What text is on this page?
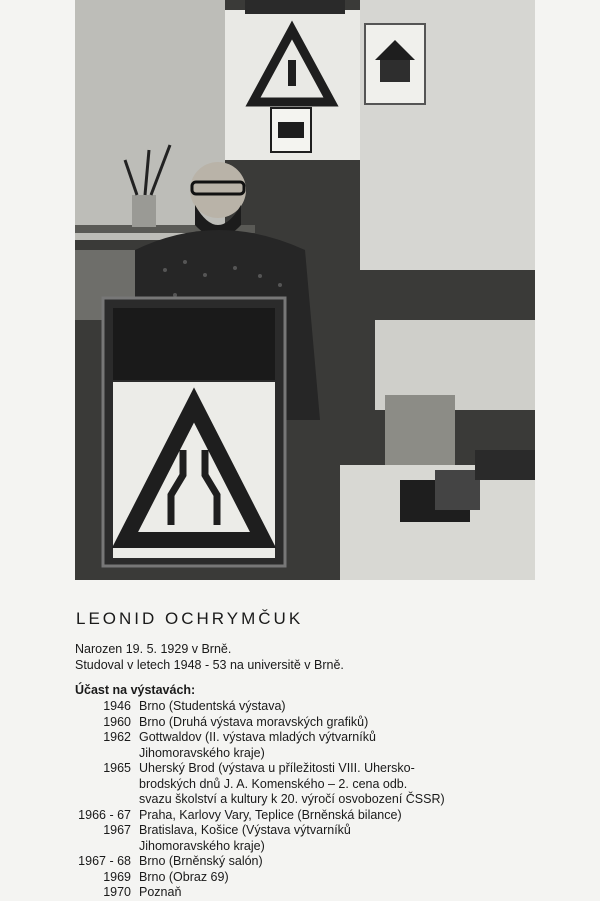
LEONID OCHRYMČUK
Narozen 19. 5. 1929 v Brně.
Studoval v letech 1948 - 53 na universitě v Brně.
Účast na výstavách:
1946 Brno (Studentská výstava)
1960 Brno (Druhá výstava moravských grafiků)
1962 Gottwaldov (II. výstava mladých výtvarníků
Jihomoravského kraje)
1965 Uherský Brod (výstava u příležitosti VIII. Uhersko-
brodských dnů J. A. Komenského – 2. cena odb.
svazu školství a kultury k 20. výročí osvobození ČSSR)
1966 - 67 Praha, Karlovy Vary, Teplice (Brněnská bilance)
1967 Bratislava, Košice (Výstava výtvarníků
Jihomoravského kraje)
1967 - 68 Brno (Brněnský salón)
1969 Brno (Obraz 69)
1970 Poznaň
